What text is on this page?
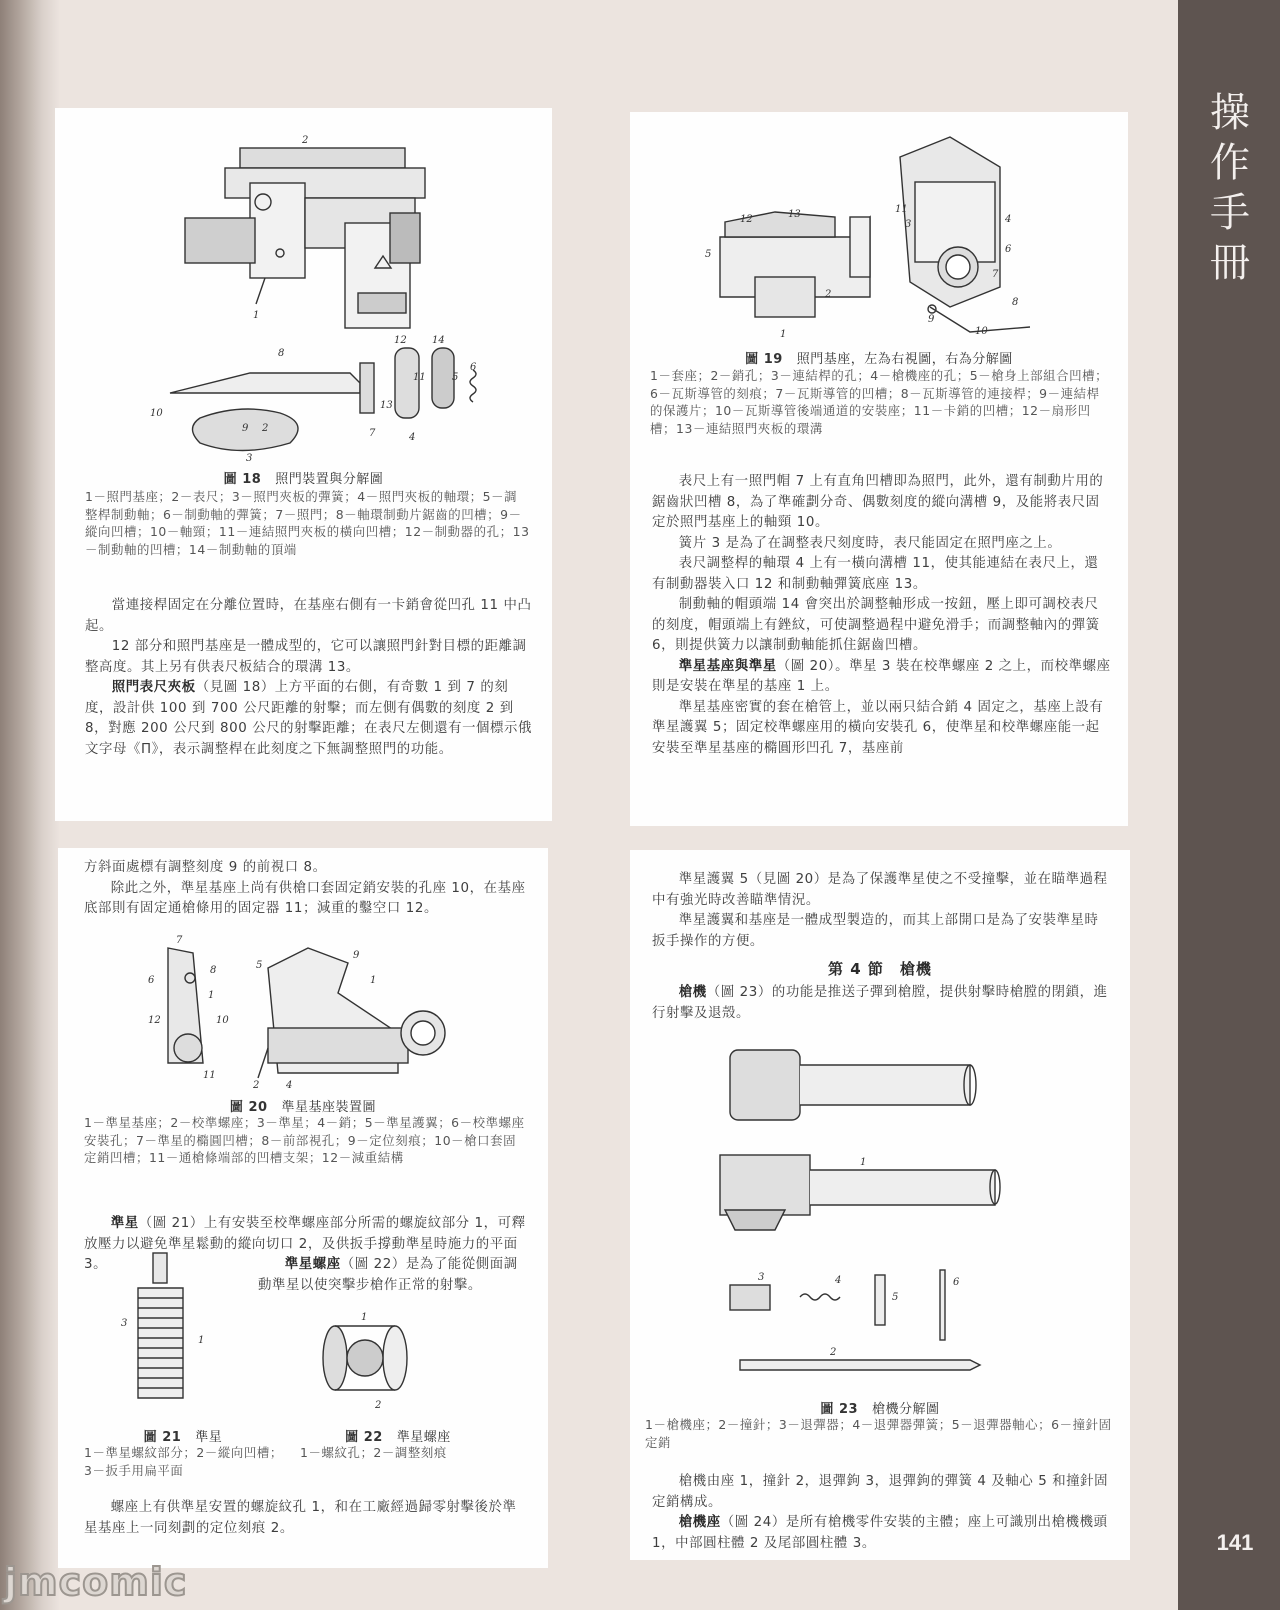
操作手冊
141
2
1
8
10
9 2	7
12	14
6
5
11
13
4
3
圖 18 照門裝置與分解圖
1－照門基座；2－表尺；3－照門夾板的彈簧；4－照門夾板的軸環；5－調整桿制動軸；6－制動軸的彈簧；7－照門；8－軸環制動片鋸齒的凹槽；9－縱向凹槽；10－軸頸；11－連結照門夾板的橫向凹槽；12－制動器的孔；13－制動軸的凹槽；14－制動軸的頂端

當連接桿固定在分離位置時，在基座右側有一卡銷會從凹孔 11 中凸起。

12 部分和照門基座是一體成型的，它可以讓照門針對目標的距離調整高度。其上另有供表尺板結合的環溝 13。

照門表尺夾板（見圖 18）上方平面的右側，有奇數 1 到 7 的刻度，設計供 100 到 700 公尺距離的射擊；而左側有偶數的刻度 2 到 8，對應 200 公尺到 800 公尺的射擊距離；在表尺左側還有一個標示俄文字母《П》，表示調整桿在此刻度之下無調整照門的功能。

12	13
5
2
1
11
3	4
6
7
8
9
10
圖 19 照門基座，左為右視圖，右為分解圖
1－套座；2－銷孔；3－連結桿的孔；4－槍機座的孔；5－槍身上部組合凹槽；6－瓦斯導管的刻痕；7－瓦斯導管的凹槽；8－瓦斯導管的連接桿；9－連結桿的保護片；10－瓦斯導管後端通道的安裝座；11－卡銷的凹槽；12－扇形凹槽；13－連結照門夾板的環溝

表尺上有一照門帽 7 上有直角凹槽即為照門，此外，還有制動片用的鋸齒狀凹槽 8，為了準確劃分奇、偶數刻度的縱向溝槽 9，及能將表尺固定於照門基座上的軸頸 10。

簧片 3 是為了在調整表尺刻度時，表尺能固定在照門座之上。

表尺調整桿的軸環 4 上有一橫向溝槽 11，使其能連結在表尺上，還有制動器裝入口 12 和制動軸彈簧底座 13。

制動軸的帽頭端 14 會突出於調整軸形成一按鈕，壓上即可調校表尺的刻度，帽頭端上有銼紋，可使調整過程中避免滑手；而調整軸內的彈簧 6，則提供簧力以讓制動軸能抓住鋸齒凹槽。

準星基座與準星（圖 20）。準星 3 裝在校準螺座 2 之上，而校準螺座則是安裝在準星的基座 1 上。

準星基座密實的套在槍管上，並以兩只結合銷 4 固定之，基座上設有準星護翼 5；固定校準螺座用的橫向安裝孔 6，使準星和校準螺座能一起安裝至準星基座的橢圓形凹孔 7，基座前

方斜面處標有調整刻度 9 的前視口 8。

除此之外，準星基座上尚有供槍口套固定銷安裝的孔座 10，在基座底部則有固定通槍條用的固定器 11；減重的鑿空口 12。

7
6
8
1
12	10
11
5
9
1
2	4
圖 20 準星基座裝置圖
1－準星基座；2－校準螺座；3－準星；4－銷；5－準星護翼；6－校準螺座安裝孔；7－準星的橢圓凹槽；8－前部視孔；9－定位刻痕；10－槍口套固定銷凹槽；11－通槍條端部的凹槽支架；12－減重結構

準星（圖 21）上有安裝至校準螺座部分所需的螺旋紋部分 1，可釋放壓力以避免準星鬆動的縱向切口 2，及供扳手撐動準星時施力的平面 3。	準星螺座（圖 22）是為了能從側面調動準星以使突擊步槍作正常的射擊。

3
1
1
2
圖 21 準星
1－準星螺紋部分；2－縱向凹槽；3－扳手用扁平面
圖 22 準星螺座
1－螺紋孔；2－調整刻痕

螺座上有供準星安置的螺旋紋孔 1，和在工廠經過歸零射擊後於準星基座上一同刻劃的定位刻痕 2。

準星護翼 5（見圖 20）是為了保護準星使之不受撞擊，並在瞄準過程中有強光時改善瞄準情況。

準星護翼和基座是一體成型製造的，而其上部開口是為了安裝準星時扳手操作的方便。

第 4 節　槍機

槍機（圖 23）的功能是推送子彈到槍膛，提供射擊時槍膛的閉鎖，進行射擊及退殼。

1
3	4
5
6
2
圖 23 槍機分解圖
1－槍機座；2－撞針；3－退彈器；4－退彈器彈簧；5－退彈器軸心；6－撞針固定銷

槍機由座 1，撞針 2，退彈鉤 3，退彈鉤的彈簧 4 及軸心 5 和撞針固定銷構成。

槍機座（圖 24）是所有槍機零件安裝的主體；座上可識別出槍機機頭 1，中部圓柱體 2 及尾部圓柱體 3。

jmcomic
